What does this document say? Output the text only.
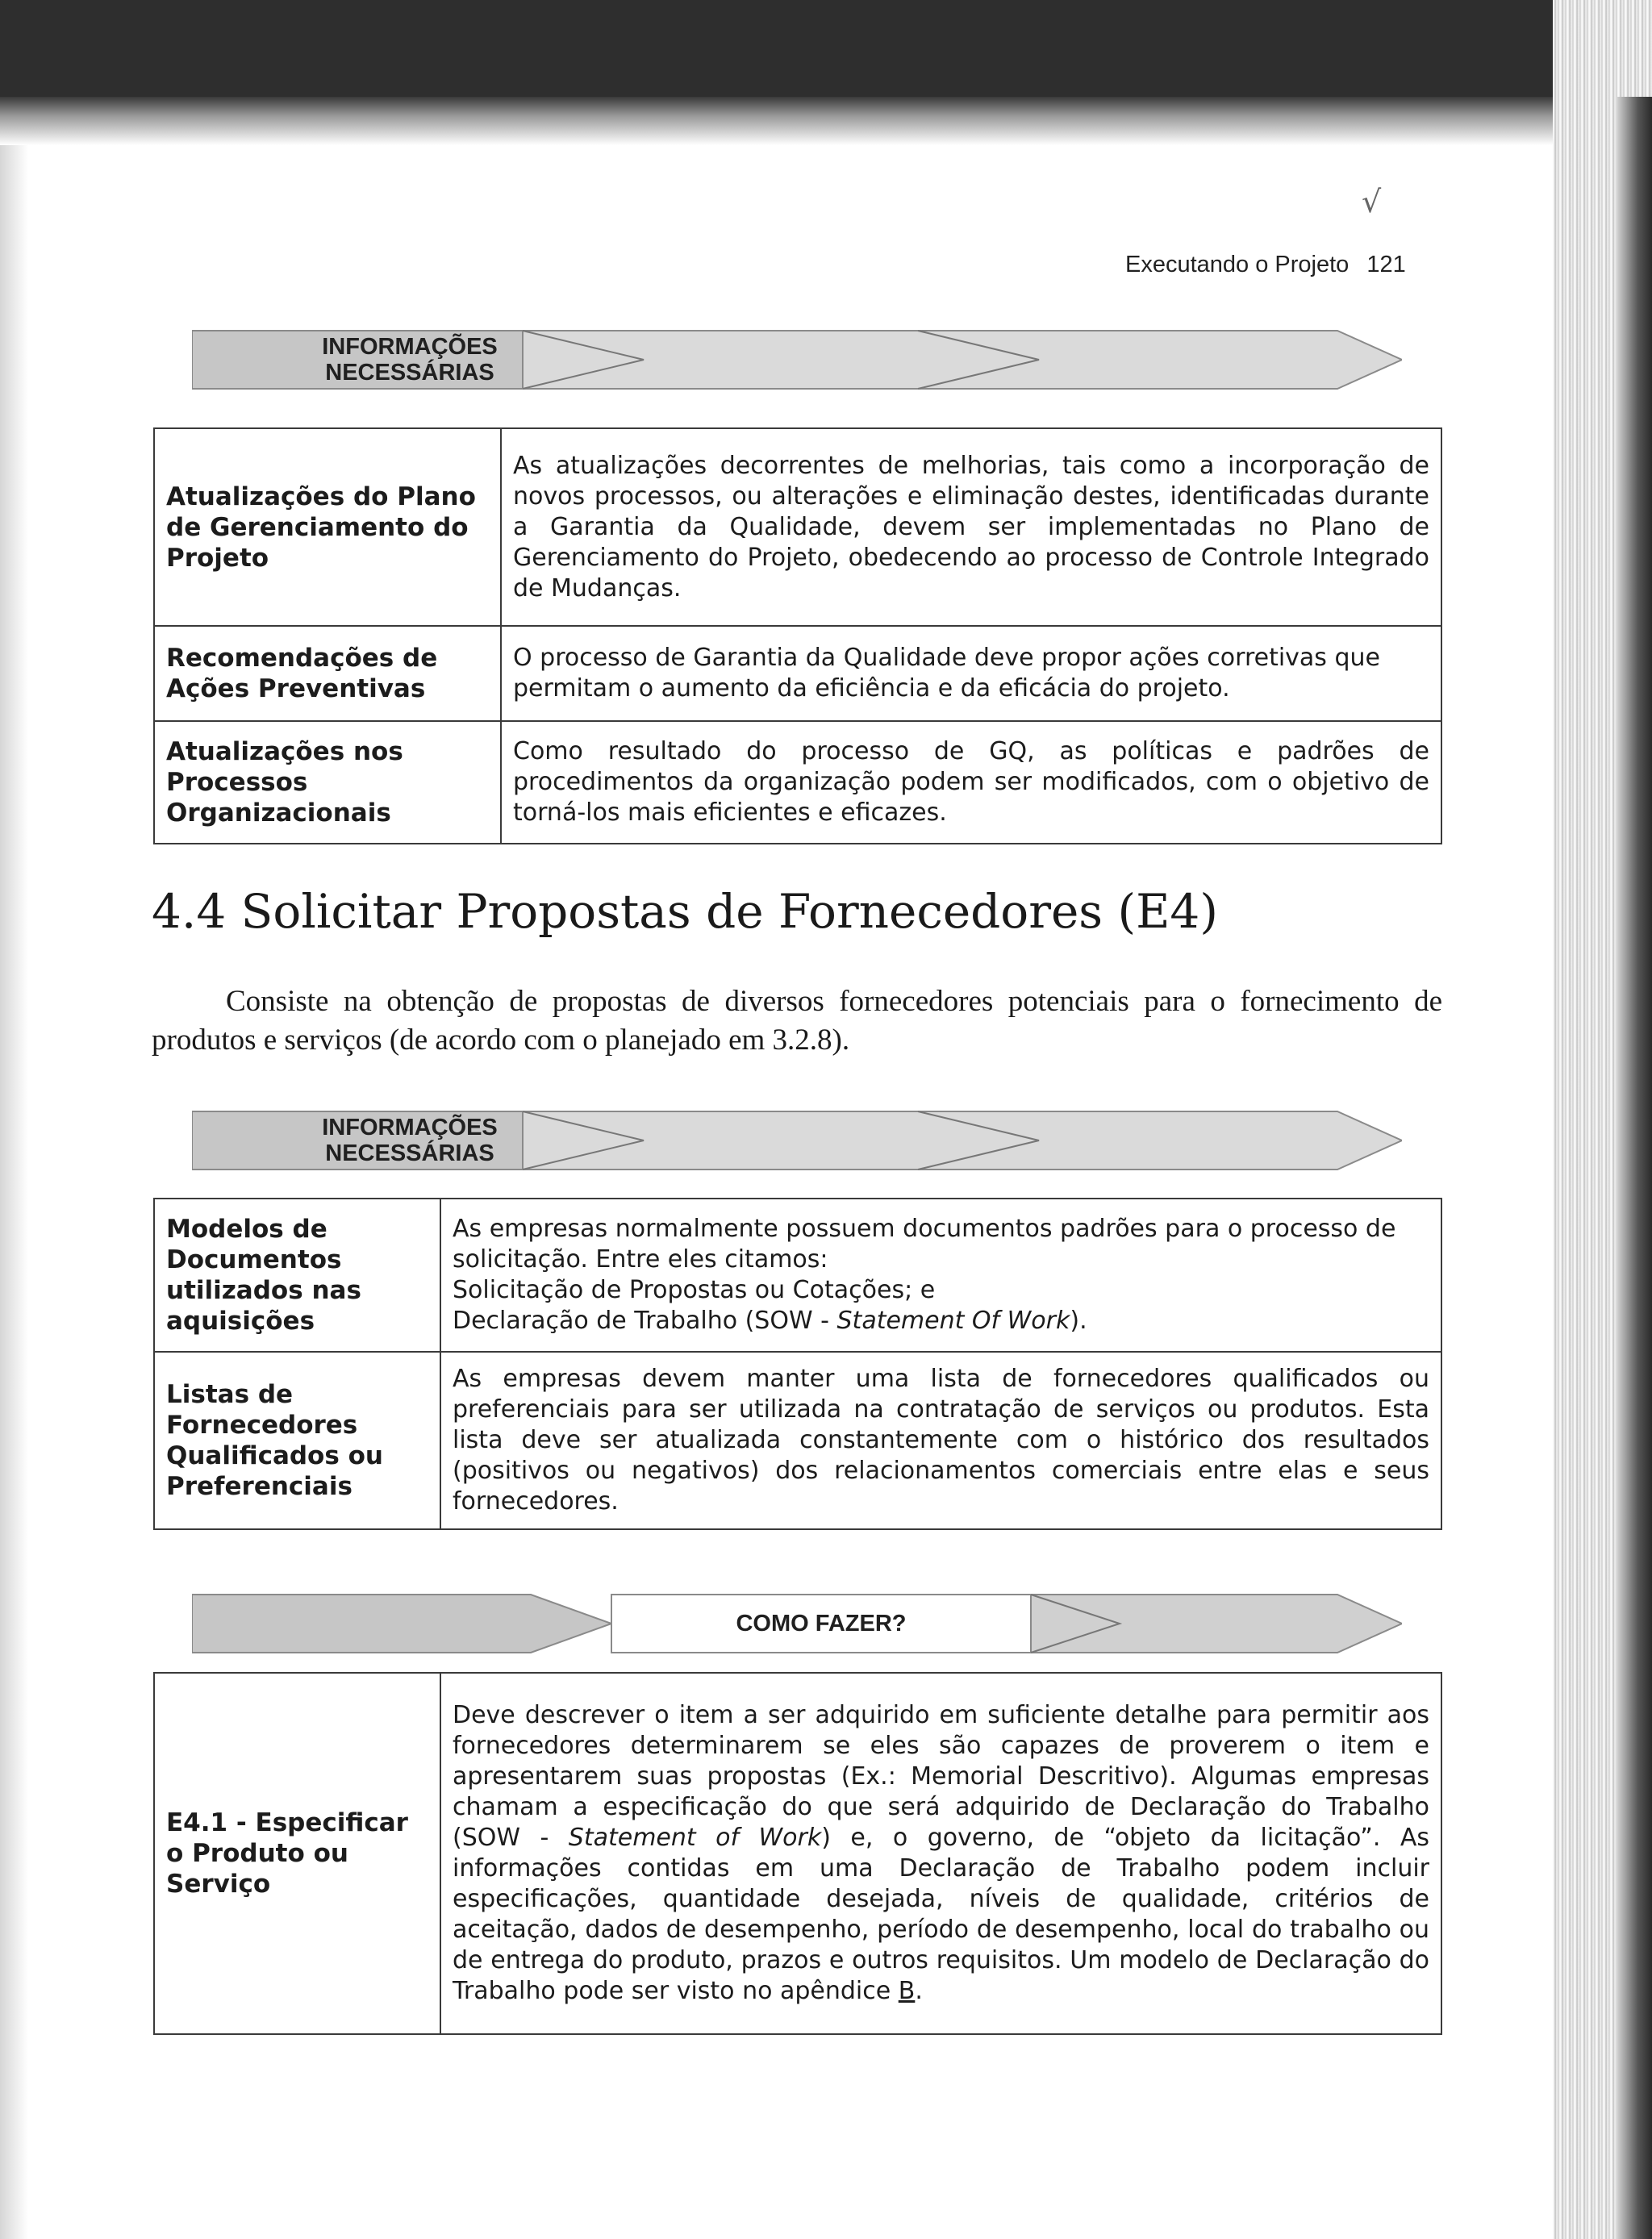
√
Executando o Projeto 121
INFORMAÇÕES
NECESSÁRIAS
Atualizações do Plano de Gerenciamento do Projeto	As atualizações decorrentes de melhorias, tais como a incorporação de novos processos, ou alterações e eliminação destes, identificadas durante a Garantia da Qualidade, devem ser implementadas no Plano de Gerenciamento do Projeto, obedecendo ao processo de Controle Integrado de Mudanças.
Recomendações de Ações Preventivas	O processo de Garantia da Qualidade deve propor ações corretivas que permitam o aumento da eficiência e da eficácia do projeto.
Atualizações nos Processos Organizacionais	Como resultado do processo de GQ, as políticas e padrões de procedimentos da organização podem ser modificados, com o objetivo de torná-los mais eficientes e eficazes.
4.4 Solicitar Propostas de Fornecedores (E4)

Consiste na obtenção de propostas de diversos fornecedores potenciais para o fornecimento de produtos e serviços (de acordo com o planejado em 3.2.8).

INFORMAÇÕES
NECESSÁRIAS
Modelos de Documentos utilizados nas aquisições	As empresas normalmente possuem documentos padrões para o processo de solicitação. Entre eles citamos:

Solicitação de Propostas ou Cotações; e

Declaração de Trabalho (SOW - Statement Of Work).

Listas de Fornecedores Qualificados ou Preferenciais	As empresas devem manter uma lista de fornecedores qualificados ou preferenciais para ser utilizada na contratação de serviços ou produtos. Esta lista deve ser atualizada constantemente com o histórico dos resultados (positivos ou negativos) dos relacionamentos comerciais entre elas e seus fornecedores.
COMO FAZER?
E4.1 - Especificar o Produto ou Serviço	Deve descrever o item a ser adquirido em suficiente detalhe para permitir aos fornecedores determinarem se eles são capazes de proverem o item e apresentarem suas propostas (Ex.: Memorial Descritivo). Algumas empresas chamam a especificação do que será adquirido de Declaração do Trabalho (SOW - Statement of Work) e, o governo, de “objeto da licitação”. As informações contidas em uma Declaração de Trabalho podem incluir especificações, quantidade desejada, níveis de qualidade, critérios de aceitação, dados de desempenho, período de desempenho, local do trabalho ou de entrega do produto, prazos e outros requisitos. Um modelo de Declaração do Trabalho pode ser visto no apêndice B.
